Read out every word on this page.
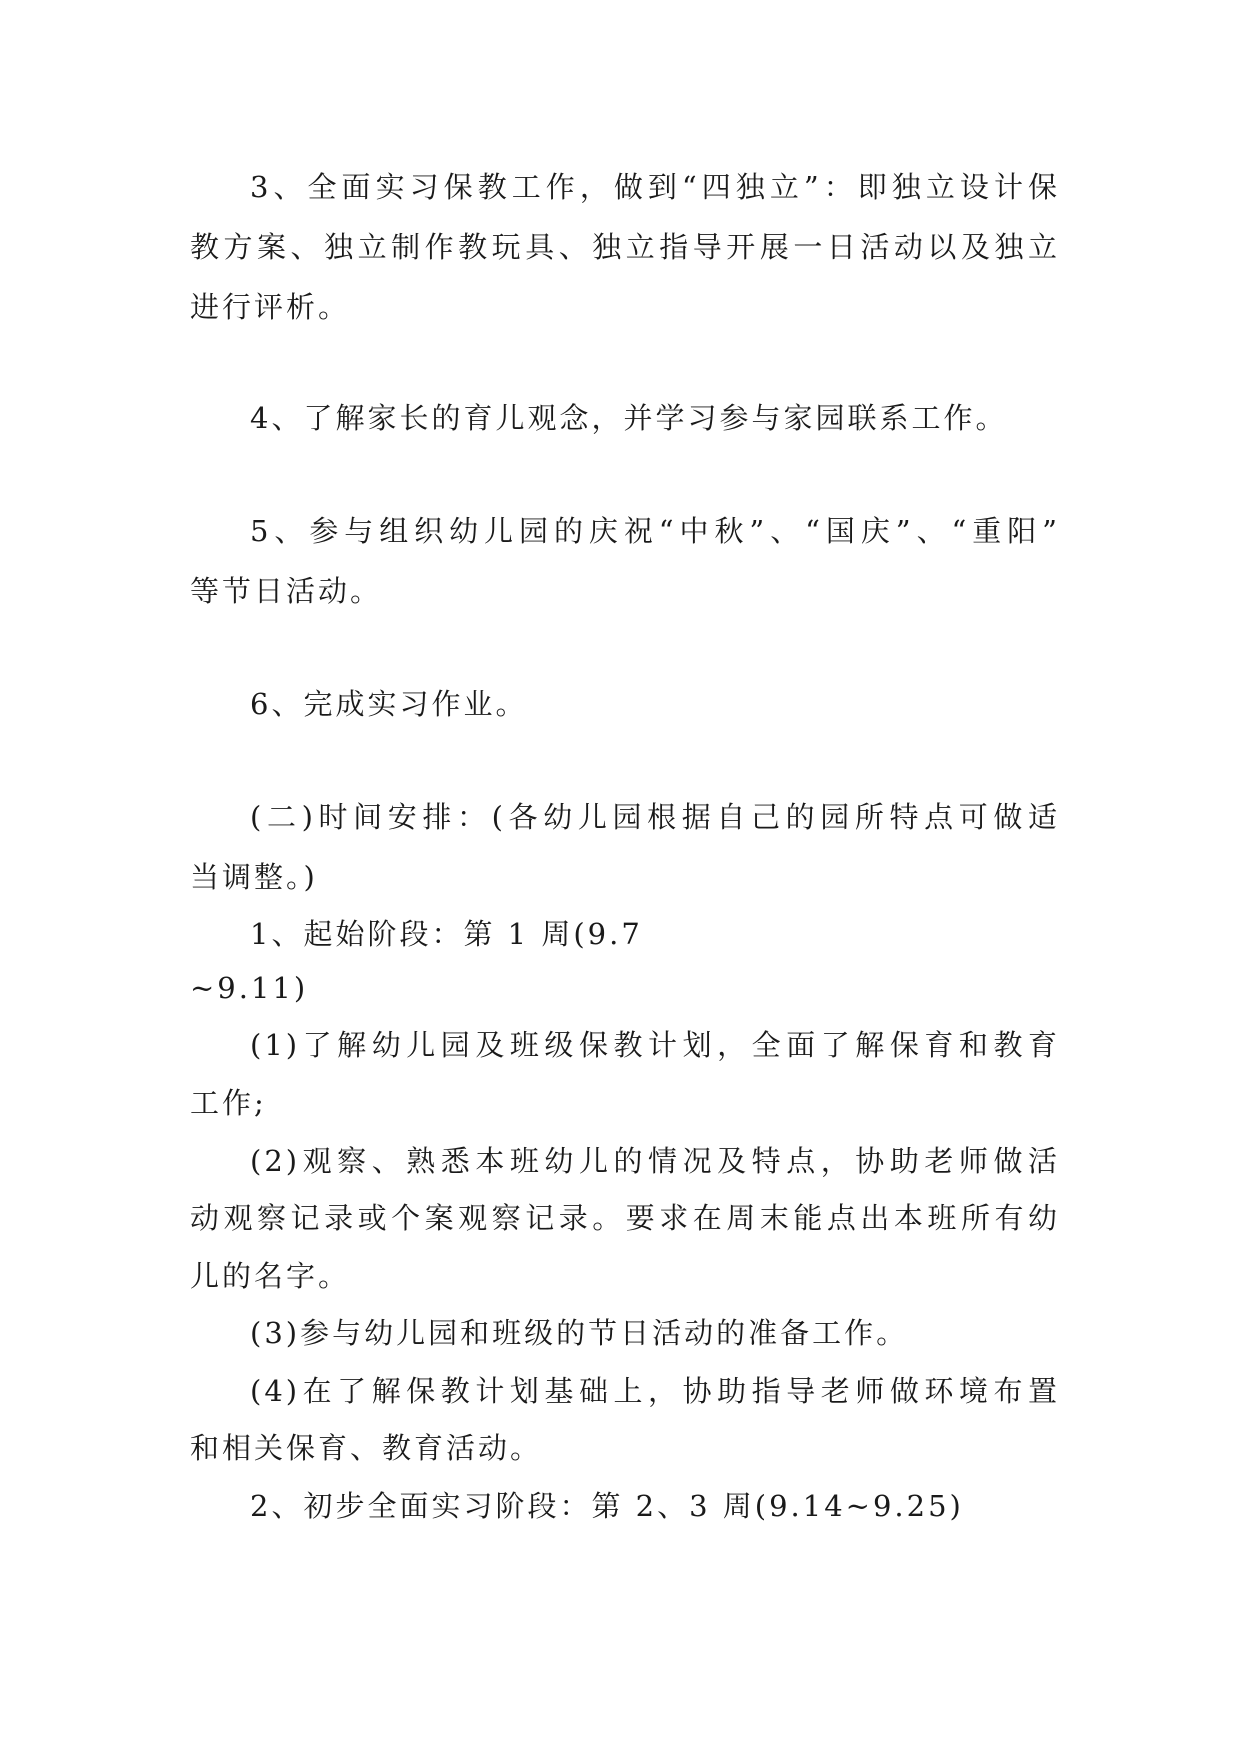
3、全面实习保教工作，做到“四独立”：即独立设计保
教方案、独立制作教玩具、独立指导开展一日活动以及独立
进行评析。
4、了解家长的育儿观念，并学习参与家园联系工作。
5、参与组织幼儿园的庆祝“中秋”、“国庆”、“重阳”
等节日活动。
6、完成实习作业。
(二)时间安排：(各幼儿园根据自己的园所特点可做适
当调整。)
1、起始阶段：第 1 周(9.7
~9.11)
(1)了解幼儿园及班级保教计划，全面了解保育和教育
工作;
(2)观察、熟悉本班幼儿的情况及特点，协助老师做活
动观察记录或个案观察记录。要求在周末能点出本班所有幼
儿的名字。
(3)参与幼儿园和班级的节日活动的准备工作。
(4)在了解保教计划基础上，协助指导老师做环境布置
和相关保育、教育活动。
2、初步全面实习阶段：第 2、3 周(9.14~9.25)
